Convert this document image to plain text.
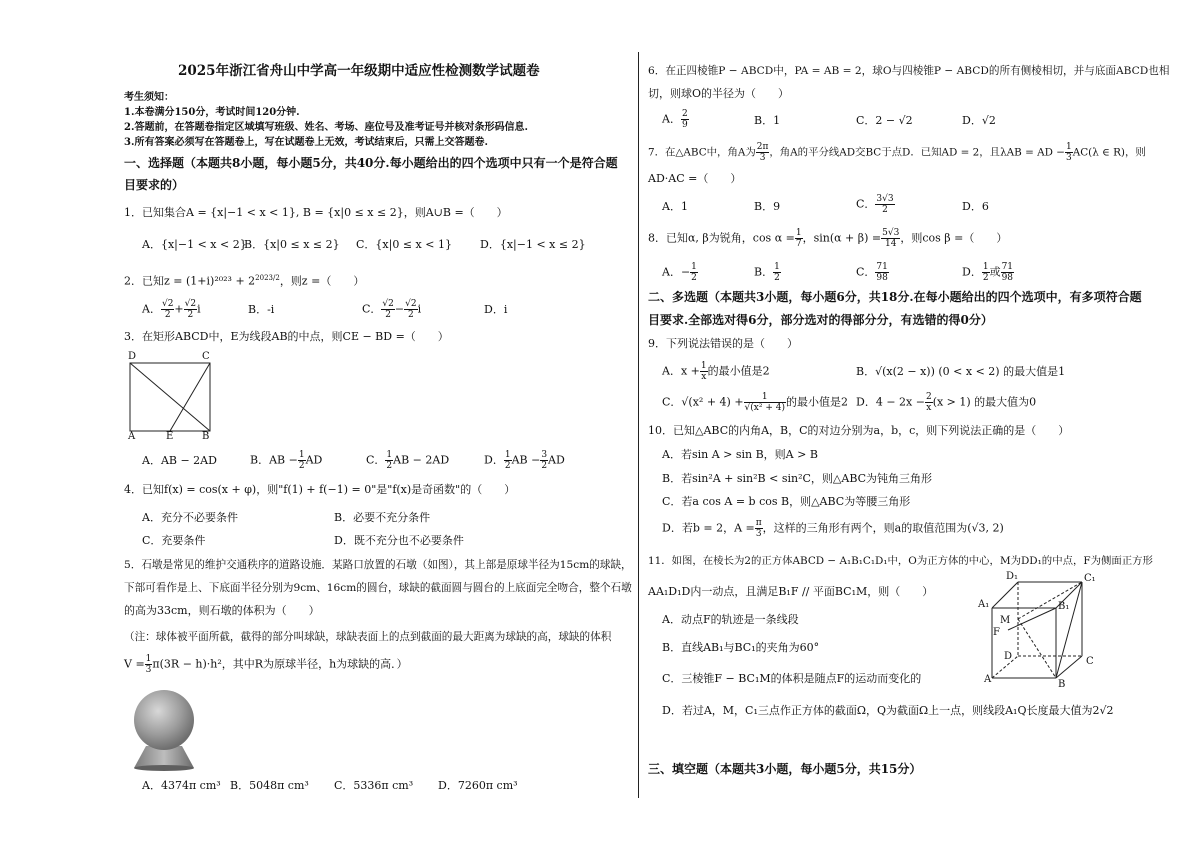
2025年浙江省舟山中学高一年级期中适应性检测数学试题卷
考生须知：
1.本卷满分150分，考试时间120分钟.
2.答题前，在答题卷指定区域填写班级、姓名、考场、座位号及准考证号并核对条形码信息.
3.所有答案必须写在答题卷上，写在试题卷上无效，考试结束后，只需上交答题卷.
一、选择题（本题共8小题，每小题5分，共40分.每小题给出的四个选项中只有一个是符合题
目要求的）
1．已知集合A = {x|−1 < x < 1}, B = {x|0 ≤ x ≤ 2}，则A∪B =（　　）
A．{x|−1 < x < 2}
B．{x|0 ≤ x ≤ 2} C．{x|0 ≤ x < 1}	D．{x|−1 < x ≤ 2}
2．已知$z = (1+i)^{2023} + 2^{2023/2}$，则z =（　　）
A． $\frac{√2}{2} + \frac{√2}{2}$ i	B．-i	C． $\frac{√2}{2} - \frac{√2}{2}$ i	D．i
3．在矩形ABCD中，E为线段AB的中点，则CE − BD =（　　）
D	C
A	E	B
A．AB − 2AD	B．AB − $\frac{1}{2}$ AD	C． $\frac{1}{2}$ AB − 2AD	D． $\frac{1}{2}$ AB − $\frac{3}{2}$ AD
4．已知f(x) = cos(x + φ)，则"f(1) + f(−1) = 0"是"f(x)是奇函数"的（　　）
A．充分不必要条件	B．必要不充分条件
C．充要条件	D．既不充分也不必要条件
5．石墩是常见的维护交通秩序的道路设施．某路口放置的石墩（如图），其上部是原球半径为15cm的球缺，
下部可看作是上、下底面半径分别为9cm、16cm的圆台，球缺的截面圆与圆台的上底面完全吻合，整个石墩
的高为33cm，则石墩的体积为（　　）
（注：球体被平面所截，截得的部分叫球缺，球缺表面上的点到截面的最大距离为球缺的高，球缺的体积
$V = \frac{1}{3} \pi(3R - h)\cdot h^2$，其中R为原球半径，h为球缺的高．）
A．4374π cm³ B．5048π cm³ C．5336π cm³ D．7260π cm³
6．在正四棱锥P − ABCD中，PA = AB = 2，球O与四棱锥P − ABCD的所有侧棱相切，并与底面ABCD也相
切，则球O的半径为（　　）
A． $\frac{2}{9}$	B．1	C．2 − √2	D．√2
7．在△ABC中，角A为 $\frac{2\pi}{3}$ ，角A的平分线AD交BC于点D．已知AD = 2，且λAB = AD − $\frac{1}{3} AC(\lambda$ ∈ R)，则
AD·AC =（　　）
A．1	B．9	C． $\frac{3√3}{2}$	D．6
8．已知α, β为锐角，$\cos \alpha = \frac{1}{7}$ ，$\sin(\alpha + \beta) = \frac{5√3}{14}$ ，则cos β =（　　）
A．− $\frac{1}{2}$	B． $\frac{1}{2}$	C． $\frac{71}{98}$	D． $\frac{1}{2}$ 或 $\frac{71}{98}$
二、多选题（本题共3小题，每小题6分，共18分.在每小题给出的四个选项中，有多项符合题
目要求.全部选对得6分，部分选对的得部分分，有选错的得0分）
9．下列说法错误的是（　　）
A．$x + \frac{1}{x}$ 的最小值是2	B．√(x(2 − x)) (0 < x < 2) 的最大值是1
C．$√(x^2 + 4) + \frac{1}{\text{√(x² + 4)}}$ 的最小值是2 D．$4 - 2x - \frac{2}{x} (x > 1)$ 的最大值为0
10．已知△ABC的内角A，B，C的对边分别为a，b，c，则下列说法正确的是（　　）
A．若sin A > sin B，则A > B
B．若sin²A + sin²B < sin²C，则△ABC为钝角三角形
C．若a cos A = b cos B，则△ABC为等腰三角形
D．若b = 2，$A = \frac{\pi}{3}$ ，这样的三角形有两个，则a的取值范围为(√3, 2)
11．如图，在棱长为2的正方体ABCD − A₁B₁C₁D₁中，O为正方体的中心，M为DD₁的中点，F为侧面正方形
AA₁D₁D内一动点，且满足B₁F // 平面BC₁M，则（　　）
A．动点F的轨迹是一条线段
B．直线AB₁与BC₁的夹角为60°
C．三棱锥F − BC₁M的体积是随点F的运动而变化的
D．若过A，M，C₁三点作正方体的截面Ω，Q为截面Ω上一点，则线段A₁Q长度最大值为2√2
D₁	C₁
A₁	B₁
M
F
D	C
A	B
三、填空题（本题共3小题，每小题5分，共15分）
